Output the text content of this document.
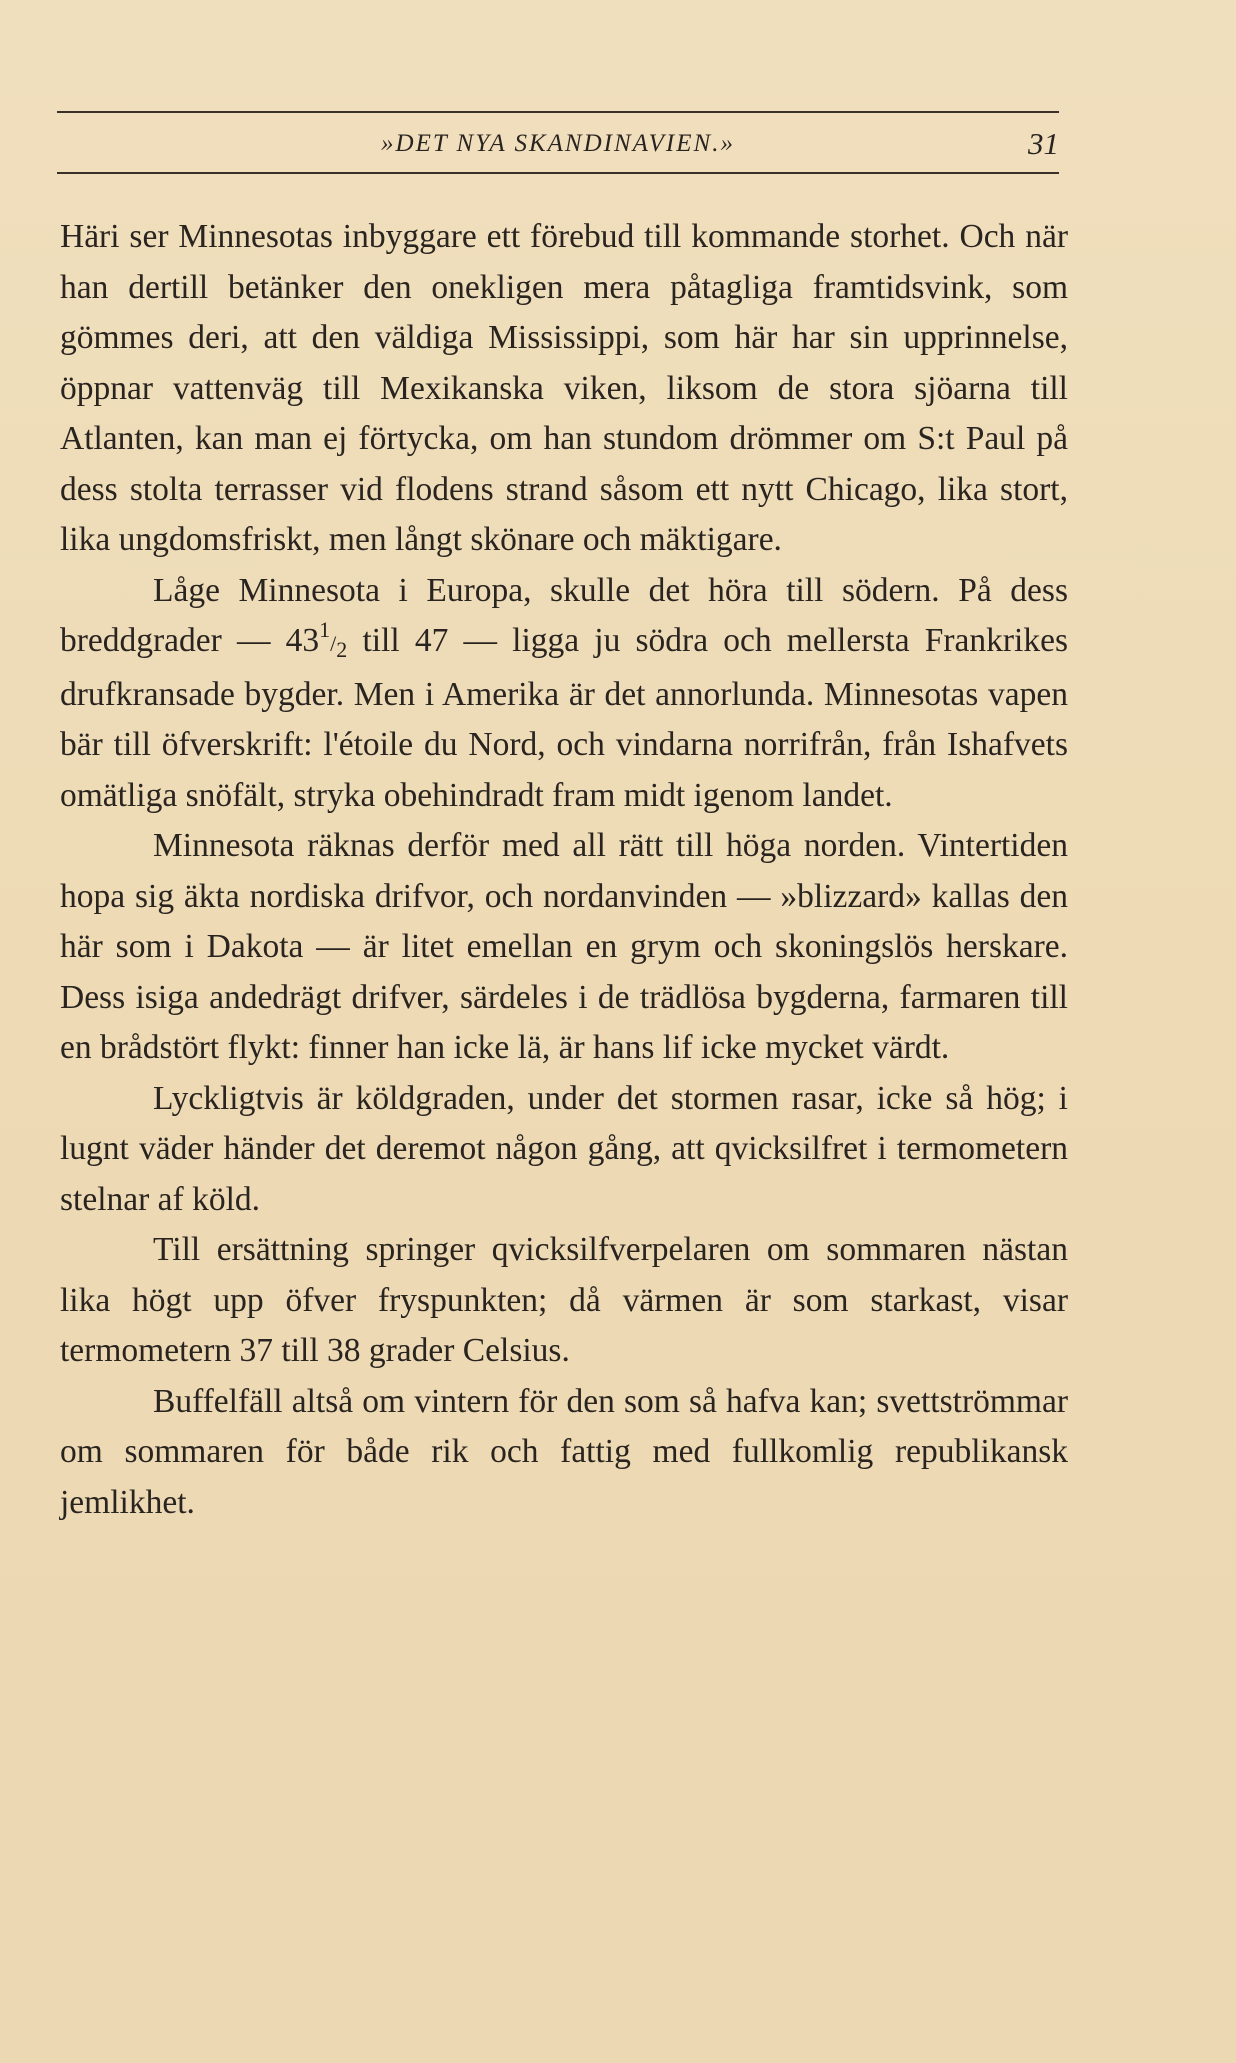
»DET NYA SKANDINAVIEN.»	31

Häri ser Minnesotas inbyggare ett förebud till kommande storhet. Och när han dertill betänker den onekligen mera påtagliga framtidsvink, som gömmes deri, att den väldiga Mississippi, som här har sin upprinnelse, öppnar vattenväg till Mexikanska viken, liksom de stora sjöarna till Atlanten, kan man ej förtycka, om han stundom drömmer om S:t Paul på dess stolta terrasser vid flodens strand såsom ett nytt Chicago, lika stort, lika ungdomsfriskt, men långt skönare och mäktigare.

Låge Minnesota i Europa, skulle det höra till södern. På dess breddgrader — 431/2 till 47 — ligga ju södra och mellersta Frankrikes drufkransade bygder. Men i Amerika är det annorlunda. Minnesotas vapen bär till öfverskrift: l'étoile du Nord, och vindarna norrifrån, från Ishafvets omätliga snöfält, stryka obehindradt fram midt igenom landet.

Minnesota räknas derför med all rätt till höga norden. Vintertiden hopa sig äkta nordiska drifvor, och nordanvinden — »blizzard» kallas den här som i Dakota — är litet emellan en grym och skoningslös herskare. Dess isiga andedrägt drifver, särdeles i de trädlösa bygderna, farmaren till en brådstört flykt: finner han icke lä, är hans lif icke mycket värdt.

Lyckligtvis är köldgraden, under det stormen rasar, icke så hög; i lugnt väder händer det deremot någon gång, att qvicksilfret i termometern stelnar af köld.

Till ersättning springer qvicksilfverpelaren om sommaren nästan lika högt upp öfver fryspunkten; då värmen är som starkast, visar termometern 37 till 38 grader Celsius.

Buffelfäll altså om vintern för den som så hafva kan; svettströmmar om sommaren för både rik och fattig med fullkomlig republikansk jemlikhet.
